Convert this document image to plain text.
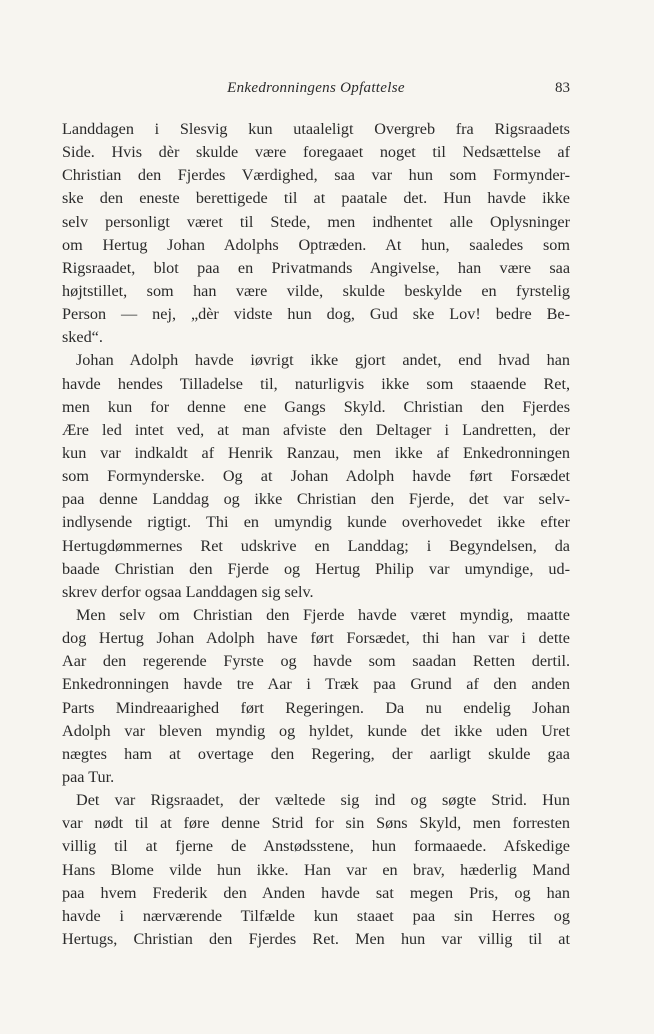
Enkedronningens Opfattelse	83
Landdagen i Slesvig kun utaaleligt Overgreb fra Rigsraadets
Side. Hvis dèr skulde være foregaaet noget til Nedsættelse af
Christian den Fjerdes Værdighed, saa var hun som Formynder-
ske den eneste berettigede til at paatale det. Hun havde ikke
selv personligt været til Stede, men indhentet alle Oplysninger
om Hertug Johan Adolphs Optræden. At hun, saaledes som
Rigsraadet, blot paa en Privatmands Angivelse, han være saa
højtstillet, som han være vilde, skulde beskylde en fyrstelig
Person — nej, „dèr vidste hun dog, Gud ske Lov! bedre Be-
sked“.
Johan Adolph havde iøvrigt ikke gjort andet, end hvad han
havde hendes Tilladelse til, naturligvis ikke som staaende Ret,
men kun for denne ene Gangs Skyld. Christian den Fjerdes
Ære led intet ved, at man afviste den Deltager i Landretten, der
kun var indkaldt af Henrik Ranzau, men ikke af Enkedronningen
som Formynderske. Og at Johan Adolph havde ført Forsædet
paa denne Landdag og ikke Christian den Fjerde, det var selv-
indlysende rigtigt. Thi en umyndig kunde overhovedet ikke efter
Hertugdømmernes Ret udskrive en Landdag; i Begyndelsen, da
baade Christian den Fjerde og Hertug Philip var umyndige, ud-
skrev derfor ogsaa Landdagen sig selv.
Men selv om Christian den Fjerde havde været myndig, maatte
dog Hertug Johan Adolph have ført Forsædet, thi han var i dette
Aar den regerende Fyrste og havde som saadan Retten dertil.
Enkedronningen havde tre Aar i Træk paa Grund af den anden
Parts Mindreaarighed ført Regeringen. Da nu endelig Johan
Adolph var bleven myndig og hyldet, kunde det ikke uden Uret
nægtes ham at overtage den Regering, der aarligt skulde gaa
paa Tur.
Det var Rigsraadet, der væltede sig ind og søgte Strid. Hun
var nødt til at føre denne Strid for sin Søns Skyld, men forresten
villig til at fjerne de Anstødsstene, hun formaaede. Afskedige
Hans Blome vilde hun ikke. Han var en brav, hæderlig Mand
paa hvem Frederik den Anden havde sat megen Pris, og han
havde i nærværende Tilfælde kun staaet paa sin Herres og
Hertugs, Christian den Fjerdes Ret. Men hun var villig til at
